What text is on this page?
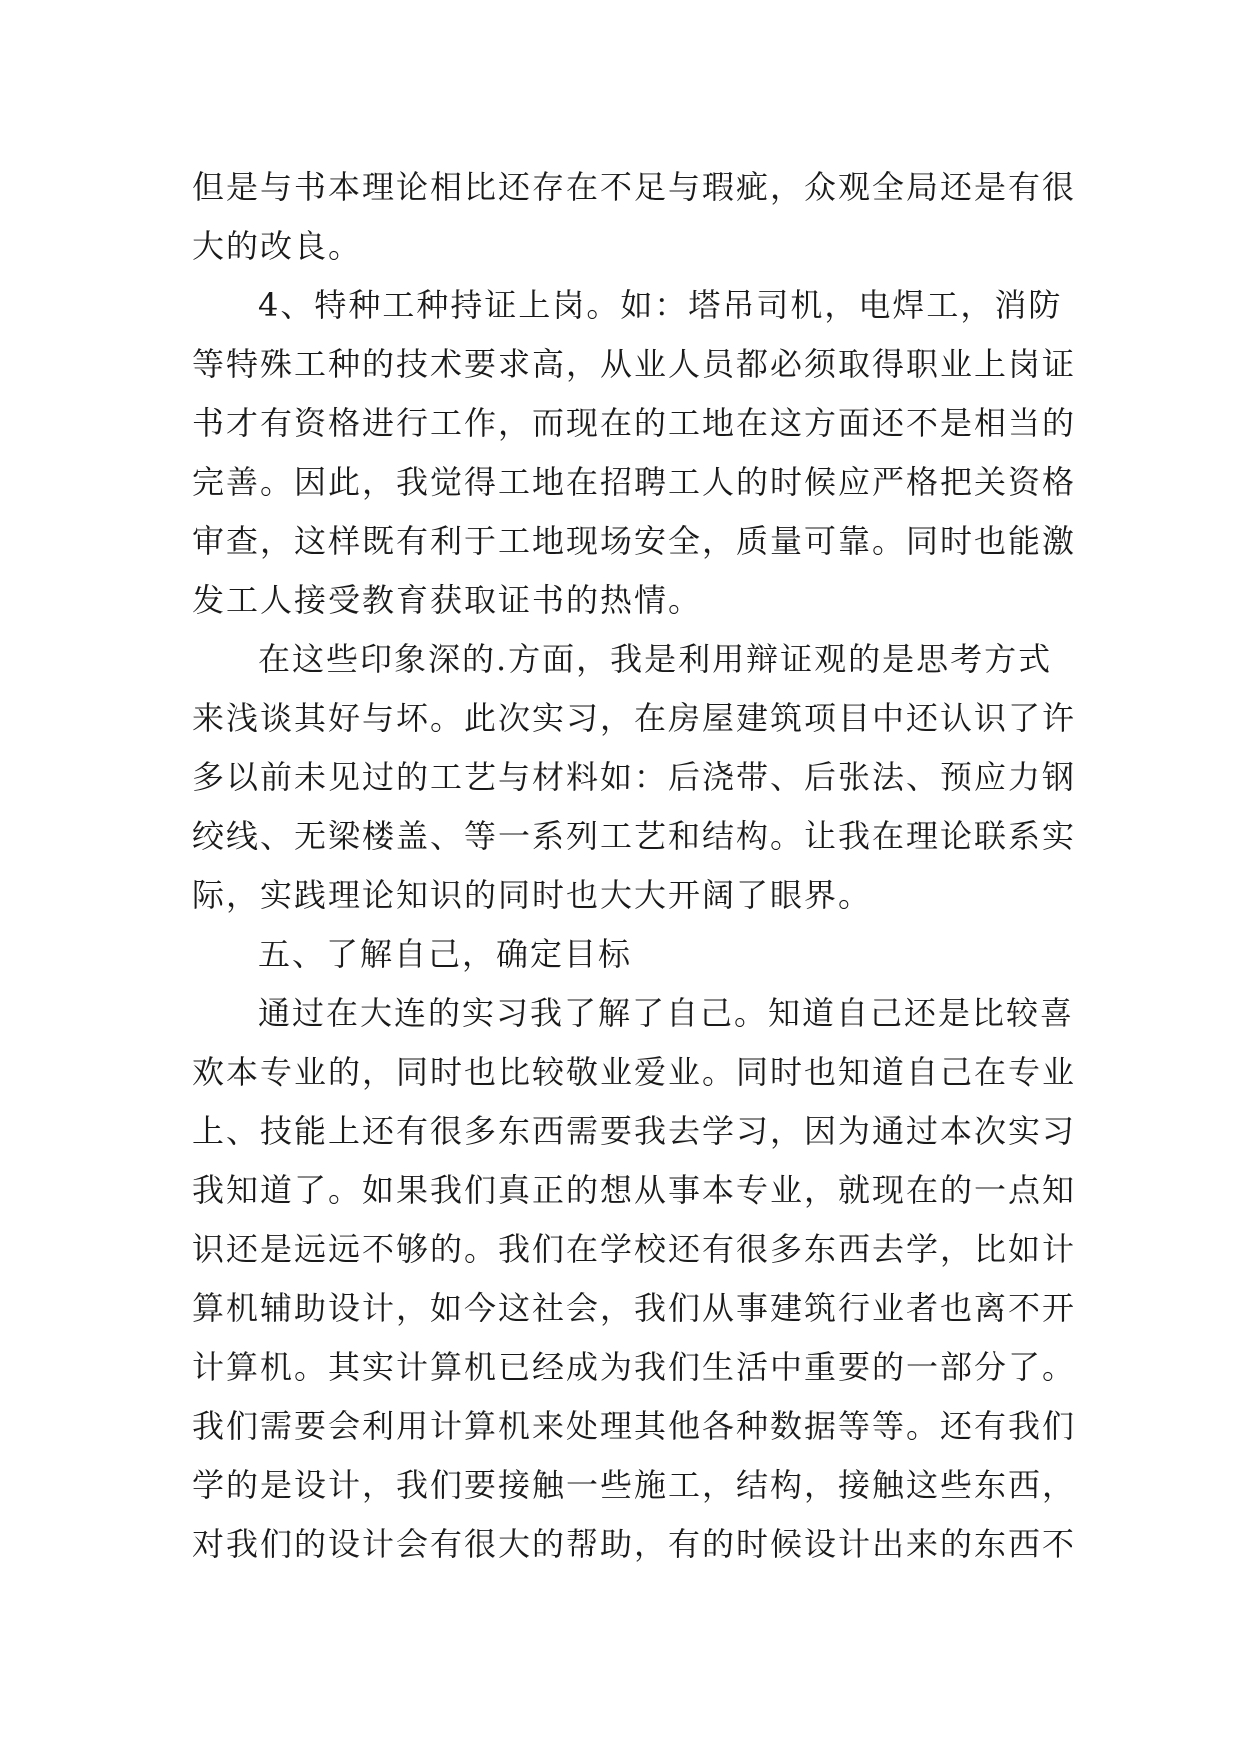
但是与书本理论相比还存在不足与瑕疵，众观全局还是有很
大的改良。
4、特种工种持证上岗。如：塔吊司机，电焊工，消防
等特殊工种的技术要求高，从业人员都必须取得职业上岗证
书才有资格进行工作，而现在的工地在这方面还不是相当的
完善。因此，我觉得工地在招聘工人的时候应严格把关资格
审查，这样既有利于工地现场安全，质量可靠。同时也能激
发工人接受教育获取证书的热情。
在这些印象深的.方面，我是利用辩证观的是思考方式
来浅谈其好与坏。此次实习，在房屋建筑项目中还认识了许
多以前未见过的工艺与材料如：后浇带、后张法、预应力钢
绞线、无梁楼盖、等一系列工艺和结构。让我在理论联系实
际，实践理论知识的同时也大大开阔了眼界。
五、了解自己，确定目标
通过在大连的实习我了解了自己。知道自己还是比较喜
欢本专业的，同时也比较敬业爱业。同时也知道自己在专业
上、技能上还有很多东西需要我去学习，因为通过本次实习
我知道了。如果我们真正的想从事本专业，就现在的一点知
识还是远远不够的。我们在学校还有很多东西去学，比如计
算机辅助设计，如今这社会，我们从事建筑行业者也离不开
计算机。其实计算机已经成为我们生活中重要的一部分了。
我们需要会利用计算机来处理其他各种数据等等。还有我们
学的是设计，我们要接触一些施工，结构，接触这些东西，
对我们的设计会有很大的帮助，有的时候设计出来的东西不
